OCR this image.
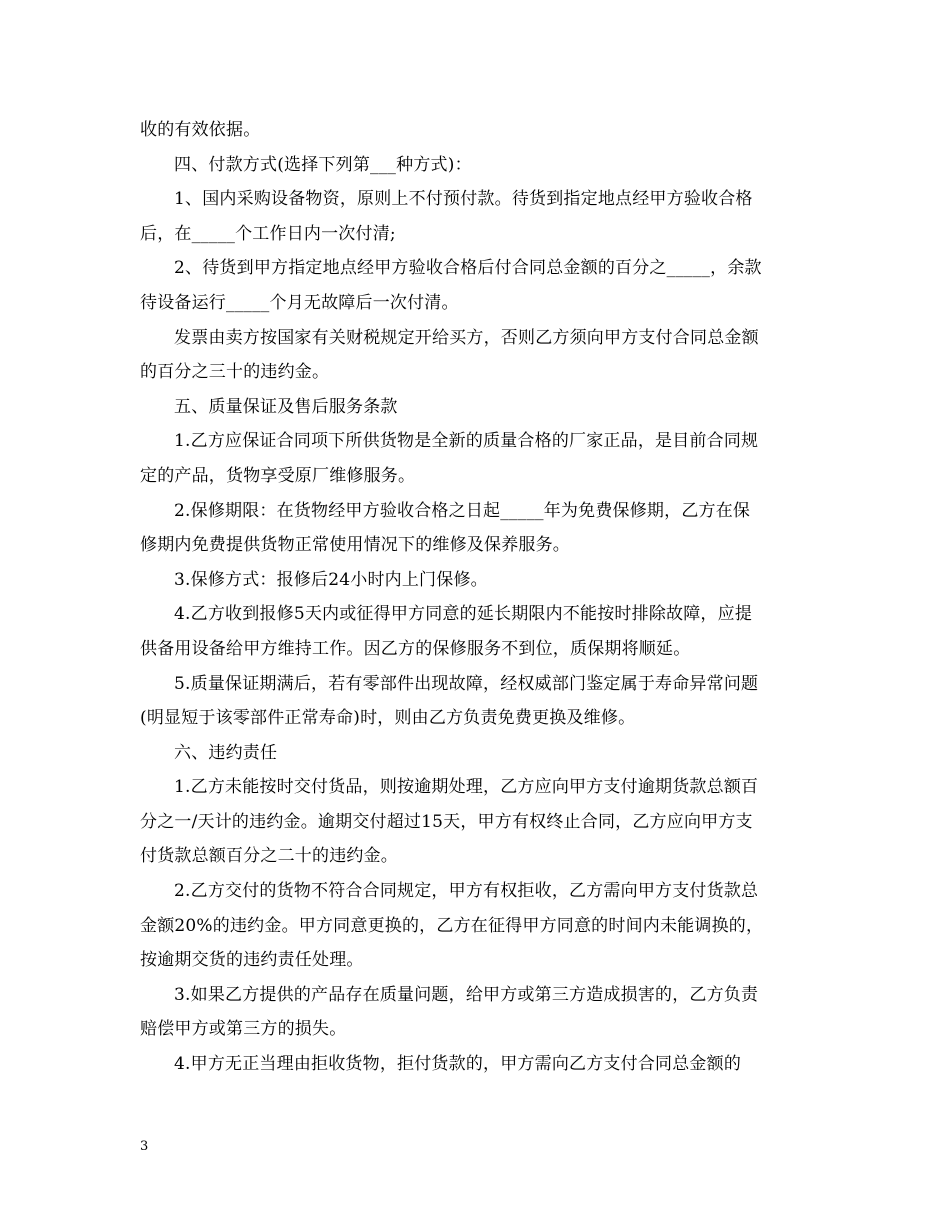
收的有效依据。
四、付款方式(选择下列第___种方式)：
1、国内采购设备物资，原则上不付预付款。待货到指定地点经甲方验收合格
后，在_____个工作日内一次付清;
2、待货到甲方指定地点经甲方验收合格后付合同总金额的百分之_____，余款
待设备运行_____个月无故障后一次付清。
发票由卖方按国家有关财税规定开给买方，否则乙方须向甲方支付合同总金额
的百分之三十的违约金。
五、质量保证及售后服务条款
1.乙方应保证合同项下所供货物是全新的质量合格的厂家正品，是目前合同规
定的产品，货物享受原厂维修服务。
2.保修期限：在货物经甲方验收合格之日起_____年为免费保修期，乙方在保
修期内免费提供货物正常使用情况下的维修及保养服务。
3.保修方式：报修后24小时内上门保修。
4.乙方收到报修5天内或征得甲方同意的延长期限内不能按时排除故障，应提
供备用设备给甲方维持工作。因乙方的保修服务不到位，质保期将顺延。
5.质量保证期满后，若有零部件出现故障，经权威部门鉴定属于寿命异常问题
(明显短于该零部件正常寿命)时，则由乙方负责免费更换及维修。
六、违约责任
1.乙方未能按时交付货品，则按逾期处理，乙方应向甲方支付逾期货款总额百
分之一/天计的违约金。逾期交付超过15天，甲方有权终止合同，乙方应向甲方支
付货款总额百分之二十的违约金。
2.乙方交付的货物不符合合同规定，甲方有权拒收，乙方需向甲方支付货款总
金额20%的违约金。甲方同意更换的，乙方在征得甲方同意的时间内未能调换的，
按逾期交货的违约责任处理。
3.如果乙方提供的产品存在质量问题，给甲方或第三方造成损害的，乙方负责
赔偿甲方或第三方的损失。
4.甲方无正当理由拒收货物，拒付货款的，甲方需向乙方支付合同总金额的
3
